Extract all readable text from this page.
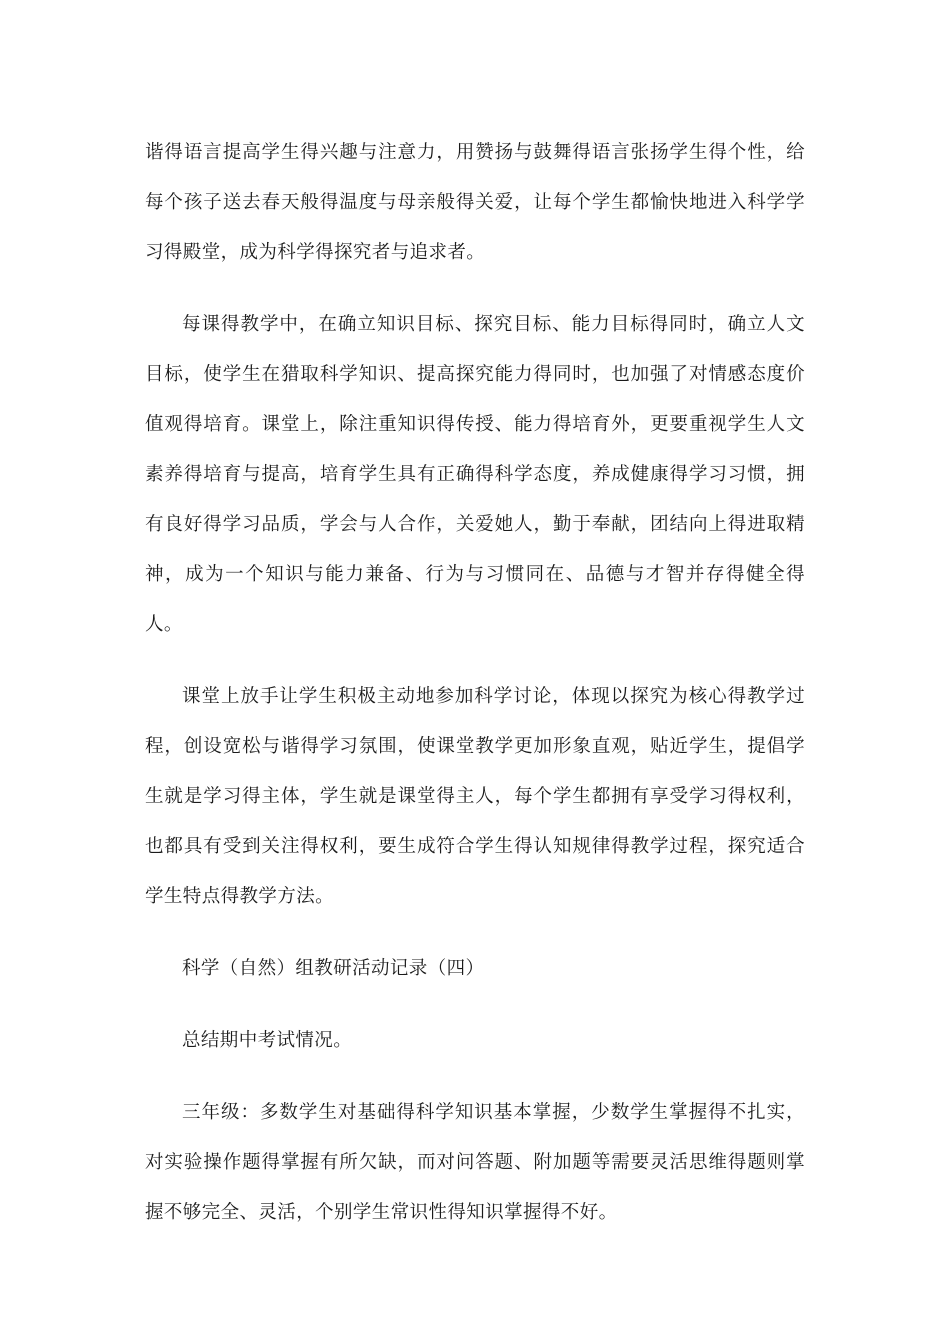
谐得语言提高学生得兴趣与注意力，用赞扬与鼓舞得语言张扬学生得个性，给每个孩子送去春天般得温度与母亲般得关爱，让每个学生都愉快地进入科学学习得殿堂，成为科学得探究者与追求者。

每课得教学中，在确立知识目标、探究目标、能力目标得同时，确立人文目标，使学生在猎取科学知识、提高探究能力得同时，也加强了对情感态度价值观得培育。课堂上，除注重知识得传授、能力得培育外，更要重视学生人文素养得培育与提高，培育学生具有正确得科学态度，养成健康得学习习惯，拥有良好得学习品质，学会与人合作，关爱她人，勤于奉献，团结向上得进取精神，成为一个知识与能力兼备、行为与习惯同在、品德与才智并存得健全得人。

课堂上放手让学生积极主动地参加科学讨论，体现以探究为核心得教学过程，创设宽松与谐得学习氛围，使课堂教学更加形象直观，贴近学生，提倡学生就是学习得主体，学生就是课堂得主人，每个学生都拥有享受学习得权利，也都具有受到关注得权利，要生成符合学生得认知规律得教学过程，探究适合学生特点得教学方法。

科学（自然）组教研活动记录（四）

总结期中考试情况。

三年级：多数学生对基础得科学知识基本掌握，少数学生掌握得不扎实，对实验操作题得掌握有所欠缺，而对问答题、附加题等需要灵活思维得题则掌握不够完全、灵活，个别学生常识性得知识掌握得不好。
